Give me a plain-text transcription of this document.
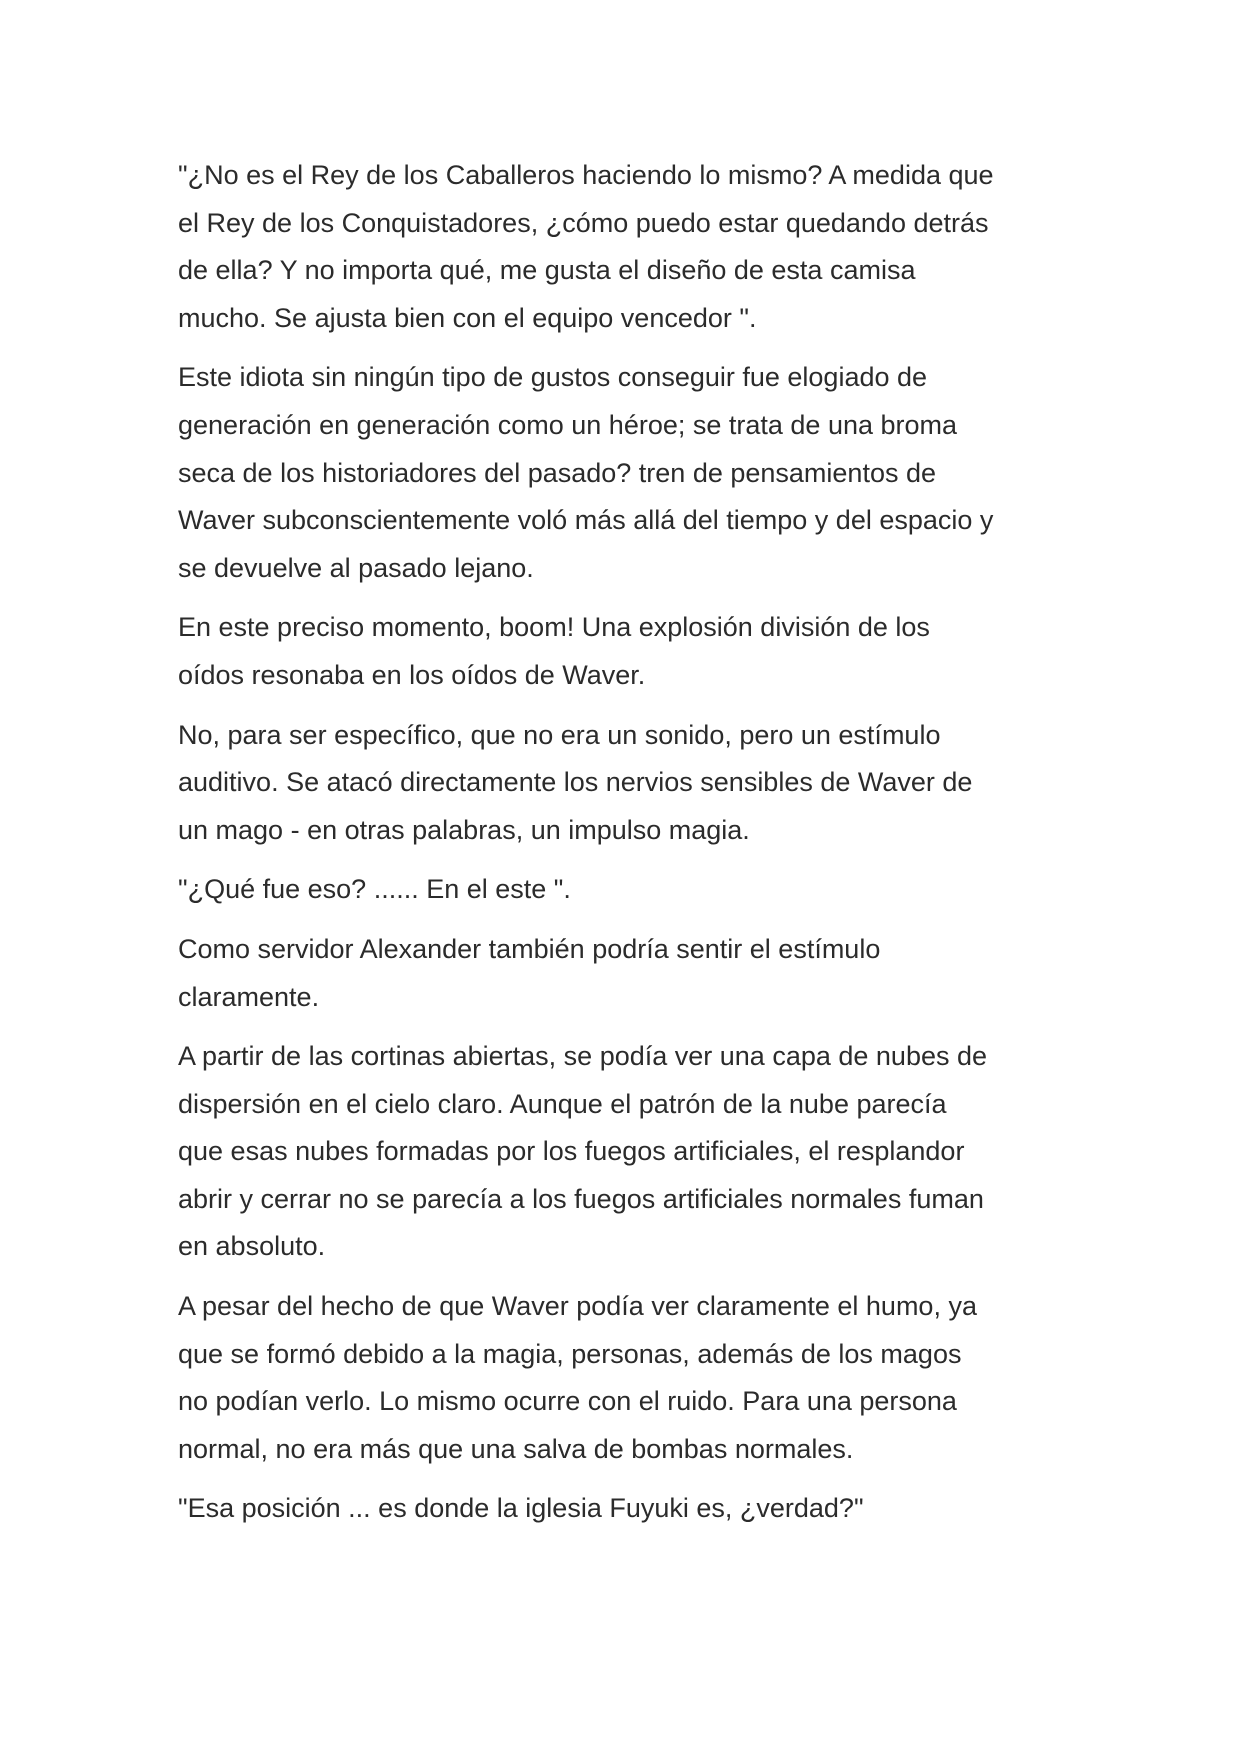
"¿No es el Rey de los Caballeros haciendo lo mismo? A medida que
el Rey de los Conquistadores, ¿cómo puedo estar quedando detrás
de ella? Y no importa qué, me gusta el diseño de esta camisa
mucho. Se ajusta bien con el equipo vencedor ".

Este idiota sin ningún tipo de gustos conseguir fue elogiado de
generación en generación como un héroe; se trata de una broma
seca de los historiadores del pasado? tren de pensamientos de
Waver subconscientemente voló más allá del tiempo y del espacio y
se devuelve al pasado lejano.

En este preciso momento, boom! Una explosión división de los
oídos resonaba en los oídos de Waver.

No, para ser específico, que no era un sonido, pero un estímulo
auditivo. Se atacó directamente los nervios sensibles de Waver de
un mago - en otras palabras, un impulso magia.

"¿Qué fue eso? ...... En el este ".

Como servidor Alexander también podría sentir el estímulo
claramente.

A partir de las cortinas abiertas, se podía ver una capa de nubes de
dispersión en el cielo claro. Aunque el patrón de la nube parecía
que esas nubes formadas por los fuegos artificiales, el resplandor
abrir y cerrar no se parecía a los fuegos artificiales normales fuman
en absoluto.

A pesar del hecho de que Waver podía ver claramente el humo, ya
que se formó debido a la magia, personas, además de los magos
no podían verlo. Lo mismo ocurre con el ruido. Para una persona
normal, no era más que una salva de bombas normales.

"Esa posición ... es donde la iglesia Fuyuki es, ¿verdad?"
